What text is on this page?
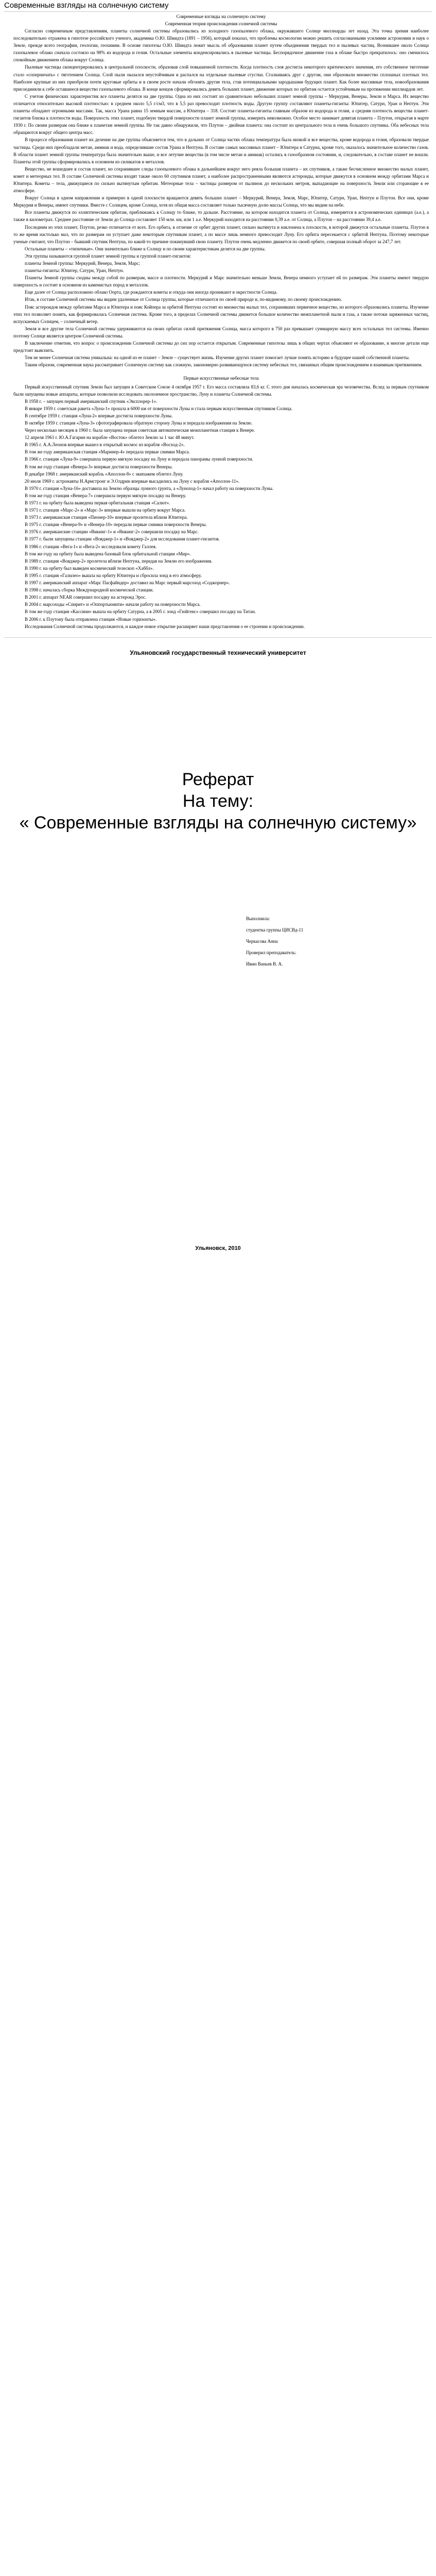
Современные взгляды на солнечную систему

Современные взгляды на солнечную систему

Современная теория происхождения солнечной системы

Согласно современным представлениям, планеты солнечной системы образовались из холодного газопылевого облака, окружавшего Солнце миллиарды лет назад. Эта точка зрения наиболее последовательно отражена в гипотезе российского ученого, академика О.Ю. Шмидта (1891 – 1956), который показал, что проблемы космологии можно решить согласованными усилиями астрономии и наук о Земле, прежде всего географии, геологии, геохимии. В основе гипотезы О.Ю. Шмидта лежит мысль об образовании планет путем объединения твердых тел и пылевых частиц. Возникшее около Солнца газопылевое облако сначала состояло на 98% из водорода и гелия. Остальные элементы конденсировались в пылевые частицы. Беспорядочное движение газа в облаке быстро прекратилось: оно сменилось спокойным движением облака вокруг Солнца.

Пылевые частицы сконцентрировались в центральной плоскости, образовав слой повышенной плотности. Когда плотность слоя достигла некоторого критического значения, его собственное тяготение стало «соперничать» с тяготением Солнца. Слой пыли оказался неустойчивым и распался на отдельные пылевые сгустки. Сталкиваясь друг с другом, они образовали множество сплошных плотных тел. Наиболее крупные из них приобрели почти круговые орбиты и в своем росте начали обгонять другие тела, став потенциальными зародышами будущих планет. Как более массивные тела, новообразования присоединяли к себе оставшееся вещество газопылевого облака. В конце концов сформировались девять больших планет, движение которых по орбитам остается устойчивым на протяжении миллиардов лет.

С учетом физических характеристик все планеты делятся на две группы. Одна из них состоит из сравнительно небольших планет земной группы – Меркурия, Венеры, Земли и Марса. Их вещество отличается относительно высокой плотностью: в среднем около 5,5 г/см3, что в 5,5 раз превосходит плотность воды. Другую группу составляют планеты-гиганты: Юпитер, Сатурн, Уран и Нептун. Эти планеты обладают огромными массами. Так, масса Урана равна 15 земным массам, а Юпитера – 318. Состоят планеты-гиганты главным образом из водорода и гелия, а средняя плотность вещества планет-гигантов близка к плотности воды. Поверхность этих планет, подобную твердой поверхности планет земной группы, измерить невозможно. Особое место занимает девятая планета – Плутон, открытая в марте 1930 г. По своим размерам она ближе к планетам земной группы. Не так давно обнаружили, что Плутон – двойная планета: она состоит из центрального тела и очень большого спутника. Оба небесных тела обращаются вокруг общего центра масс.

В процессе образования планет их деление на две группы объясняется тем, что в дальних от Солнца частях облака температура была низкой и все вещества, кроме водорода и гелия, образовали твердые частицы. Среди них преобладали метан, аммиак и вода, определившие состав Урана и Нептуна. В составе самых массивных планет – Юпитера и Сатурна, кроме того, оказалось значительное количество газов. В области планет земной группы температура была значительно выше, и все летучие вещества (в том числе метан и аммиак) остались в газообразном состоянии, и, следовательно, в составе планет не вошли. Планеты этой группы сформировались в основном из силикатов и металлов.

Вещество, не вошедшее в состав планет, но сохранившее следы газопылевого облака в дальнейшем вокруг него реяла большая планета – их спутников, а также бесчисленное множество малых планет, комет и метеорных тел. В составе Солнечной системы входят также около 60 спутников планет, а наиболее распространенными являются астероиды, которые движутся в основном между орбитами Марса и Юпитера. Кометы – тела, движущиеся по сильно вытянутым орбитам. Метеорные тела – частицы размером от пылинок до нескольких метров, выпадающие на поверхность Земли или сгорающие в ее атмосфере.

Вокруг Солнца в одном направлении и примерно в одной плоскости вращаются девять больших планет – Меркурий, Венера, Земля, Марс, Юпитер, Сатурн, Уран, Нептун и Плутон. Все они, кроме Меркурия и Венеры, имеют спутники. Вместе с Солнцем, кроме Солнца, хотя их общая масса составляет только тысячную долю массы Солнца, что мы видим на небе.

Все планеты движутся по эллиптическим орбитам, приближаясь к Солнцу то ближе, то дальше. Расстояние, на котором находится планета от Солнца, измеряется в астрономических единицах (а.е.), а также в километрах. Среднее расстояние от Земли до Солнца составляет 150 млн. км, или 1 а.е. Меркурий находится на расстоянии 0,39 а.е. от Солнца, а Плутон – на расстоянии 39,4 а.е.

Последним из этих планет, Плутон, резко отличается от всех. Его орбита, в отличие от орбит других планет, сильно вытянута и наклонена к плоскости, в которой движутся остальные планеты. Плутон в то же время настолько мал, что по размерам он уступает даже некоторым спутникам планет, а по массе лишь немного превосходит Луну. Его орбита пересекается с орбитой Нептуна. Поэтому некоторые ученые считают, что Плутон – бывший спутник Нептуна, по какой-то причине покинувший свою планету. Плутон очень медленно движется по своей орбите, совершая полный оборот за 247,7 лет.

Остальные планеты – «типичные». Они значительно ближе к Солнцу и по своим характеристикам делятся на две группы.

Эти группы называются группой планет земной группы и группой планет-гигантов:

планеты Земной группы: Меркурий, Венера, Земля, Марс;
планеты-гиганты: Юпитер, Сатурн, Уран, Нептун.

Планеты Земной группы сходны между собой по размерам, массе и плотности. Меркурий и Марс значительно меньше Земли, Венера немного уступает ей по размерам. Эти планеты имеют твердую поверхность и состоят в основном из каменистых пород и металлов.

Еще далее от Солнца расположено облако Оорта, где рождаются кометы и откуда они иногда проникают в окрестности Солнца.

Итак, в составе Солнечной системы мы видим удаленные от Солнца группы, которые отличаются по своей природе и, по-видимому, по своему происхождению.

Пояс астероидов между орбитами Марса и Юпитера и пояс Койпера за орбитой Нептуна состоят из множества малых тел, сохранивших первичное вещество, из которого образовались планеты. Изучение этих тел позволяет понять, как формировалась Солнечная система. Кроме того, в пределах Солнечной системы движется большое количество межпланетной пыли и газа, а также потоки заряженных частиц, испускаемых Солнцем, – солнечный ветер.

Земля и все другие тела Солнечной системы удерживаются на своих орбитах силой притяжения Солнца, масса которого в 750 раз превышает суммарную массу всех остальных тел системы. Именно поэтому Солнце является центром Солнечной системы.

В заключение отметим, что вопрос о происхождении Солнечной системы до сих пор остается открытым. Современные гипотезы лишь в общих чертах объясняют ее образование, и многие детали еще предстоит выяснить.

Тем не менее Солнечная система уникальна: на одной из ее планет – Земле – существует жизнь. Изучение других планет помогает лучше понять историю и будущее нашей собственной планеты.

Таким образом, современная наука рассматривает Солнечную систему как сложную, закономерно развивающуюся систему небесных тел, связанных общим происхождением и взаимным притяжением.

Первые искусственные небесные тела

Первый искусственный спутник Земли был запущен в Советском Союзе 4 октября 1957 г. Его масса составляла 83,6 кг. С этого дня началась космическая эра человечества. Вслед за первым спутником были запущены новые аппараты, которые позволили исследовать околоземное пространство, Луну и планеты Солнечной системы.

В 1958 г. – запущен первый американский спутник «Эксплорер-1».

В январе 1959 г. советская ракета «Луна-1» прошла в 6000 км от поверхности Луны и стала первым искусственным спутником Солнца.

В сентябре 1959 г. станция «Луна-2» впервые достигла поверхности Луны.

В октябре 1959 г. станция «Луна-3» сфотографировала обратную сторону Луны и передала изображения на Землю.

Через несколько месяцев в 1960 г. была запущена первая советская автоматическая межпланетная станция к Венере.

12 апреля 1961 г. Ю.А.Гагарин на корабле «Восток» облетел Землю за 1 час 48 минут.

В 1965 г. А.А.Леонов впервые вышел в открытый космос из корабля «Восход-2».

В том же году американская станция «Маринер-4» передала первые снимки Марса.

В 1966 г. станция «Луна-9» совершила первую мягкую посадку на Луну и передала панорамы лунной поверхности.

В том же году станция «Венера-3» впервые достигла поверхности Венеры.

В декабре 1968 г. американский корабль «Аполлон-8» с экипажем облетел Луну.

20 июля 1969 г. астронавты Н.Армстронг и Э.Олдрин впервые высадились на Луну с корабля «Аполлон-11».

В 1970 г. станция «Луна-16» доставила на Землю образцы лунного грунта, а «Луноход-1» начал работу на поверхности Луны.

В том же году станция «Венера-7» совершила первую мягкую посадку на Венеру.

В 1971 г. на орбиту была выведена первая орбитальная станция «Салют».

В 1971 г. станции «Марс-2» и «Марс-3» впервые вышли на орбиту вокруг Марса.

В 1973 г. американская станция «Пионер-10» впервые пролетела вблизи Юпитера.

В 1975 г. станции «Венера-9» и «Венера-10» передали первые снимки поверхности Венеры.

В 1976 г. американские станции «Викинг-1» и «Викинг-2» совершили посадку на Марс.

В 1977 г. были запущены станции «Вояджер-1» и «Вояджер-2» для исследования планет-гигантов.

В 1986 г. станции «Вега-1» и «Вега-2» исследовали комету Галлея.

В том же году на орбиту была выведена базовый блок орбитальной станции «Мир».

В 1989 г. станция «Вояджер-2» пролетела вблизи Нептуна, передав на Землю его изображения.

В 1990 г. на орбиту был выведен космический телескоп «Хаббл».

В 1995 г. станция «Галилео» вышла на орбиту Юпитера и сбросила зонд в его атмосферу.

В 1997 г. американский аппарат «Марс Пасфайндер» доставил на Марс первый марсоход «Соджорнер».

В 1998 г. началась сборка Международной космической станции.

В 2001 г. аппарат NEAR совершил посадку на астероид Эрос.

В 2004 г. марсоходы «Спирит» и «Оппортьюнити» начали работу на поверхности Марса.

В том же году станция «Кассини» вышла на орбиту Сатурна, а в 2005 г. зонд «Гюйгенс» совершил посадку на Титан.

В 2006 г. к Плутону была отправлена станция «Новые горизонты».

Исследования Солнечной системы продолжаются, и каждое новое открытие расширяет наши представления о ее строении и происхождении.

Ульяновский государственный технический университет

Реферат
На тему:
« Современные взгляды на солнечную систему»
Выполнила:
студентка группы ЦИСВд-11
Черкасова Анна
Проверил преподаватель:
Ивин Ваньев В. А.

Ульяновск, 2010
